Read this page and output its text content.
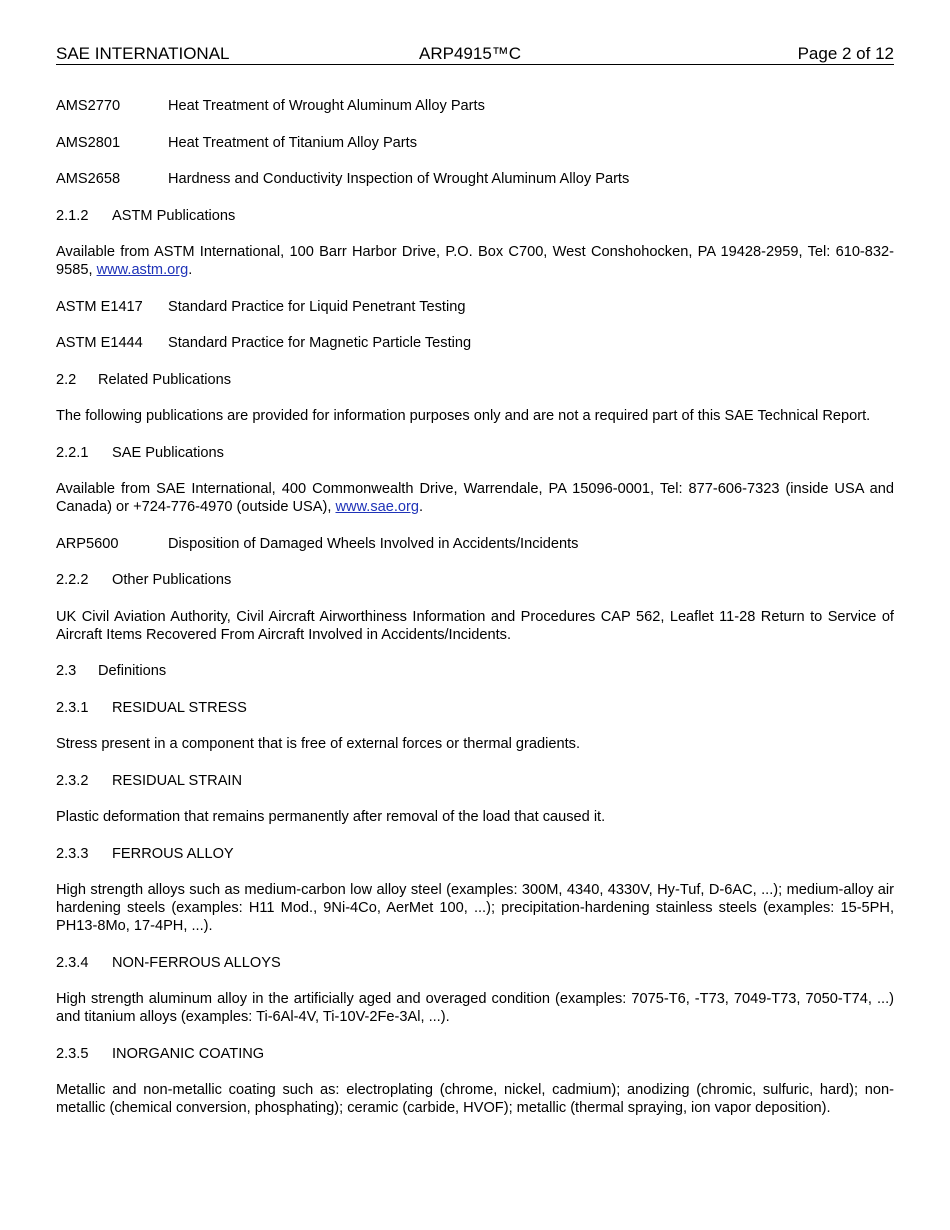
SAE INTERNATIONAL	ARP4915™C	Page 2 of 12
AMS2770	Heat Treatment of Wrought Aluminum Alloy Parts
AMS2801	Heat Treatment of Titanium Alloy Parts
AMS2658	Hardness and Conductivity Inspection of Wrought Aluminum Alloy Parts
2.1.2	ASTM Publications

Available from ASTM International, 100 Barr Harbor Drive, P.O. Box C700, West Conshohocken, PA 19428-2959, Tel: 610-832-9585, www.astm.org.

ASTM E1417	Standard Practice for Liquid Penetrant Testing
ASTM E1444	Standard Practice for Magnetic Particle Testing
2.2	Related Publications

The following publications are provided for information purposes only and are not a required part of this SAE Technical Report.

2.2.1	SAE Publications

Available from SAE International, 400 Commonwealth Drive, Warrendale, PA 15096-0001, Tel: 877-606-7323 (inside USA and Canada) or +724-776-4970 (outside USA), www.sae.org.

ARP5600	Disposition of Damaged Wheels Involved in Accidents/Incidents
2.2.2	Other Publications

UK Civil Aviation Authority, Civil Aircraft Airworthiness Information and Procedures CAP 562, Leaflet 11-28 Return to Service of Aircraft Items Recovered From Aircraft Involved in Accidents/Incidents.

2.3	Definitions
2.3.1	RESIDUAL STRESS

Stress present in a component that is free of external forces or thermal gradients.

2.3.2	RESIDUAL STRAIN

Plastic deformation that remains permanently after removal of the load that caused it.

2.3.3	FERROUS ALLOY

High strength alloys such as medium-carbon low alloy steel (examples: 300M, 4340, 4330V, Hy-Tuf, D-6AC, ...); medium-alloy air hardening steels (examples: H11 Mod., 9Ni-4Co, AerMet 100, ...); precipitation-hardening stainless steels (examples: 15-5PH, PH13-8Mo, 17-4PH, ...).

2.3.4	NON-FERROUS ALLOYS

High strength aluminum alloy in the artificially aged and overaged condition (examples: 7075-T6, -T73, 7049-T73, 7050-T74, ...) and titanium alloys (examples: Ti-6Al-4V, Ti-10V-2Fe-3Al, ...).

2.3.5	INORGANIC COATING

Metallic and non-metallic coating such as: electroplating (chrome, nickel, cadmium); anodizing (chromic, sulfuric, hard); non-metallic (chemical conversion, phosphating); ceramic (carbide, HVOF); metallic (thermal spraying, ion vapor deposition).
